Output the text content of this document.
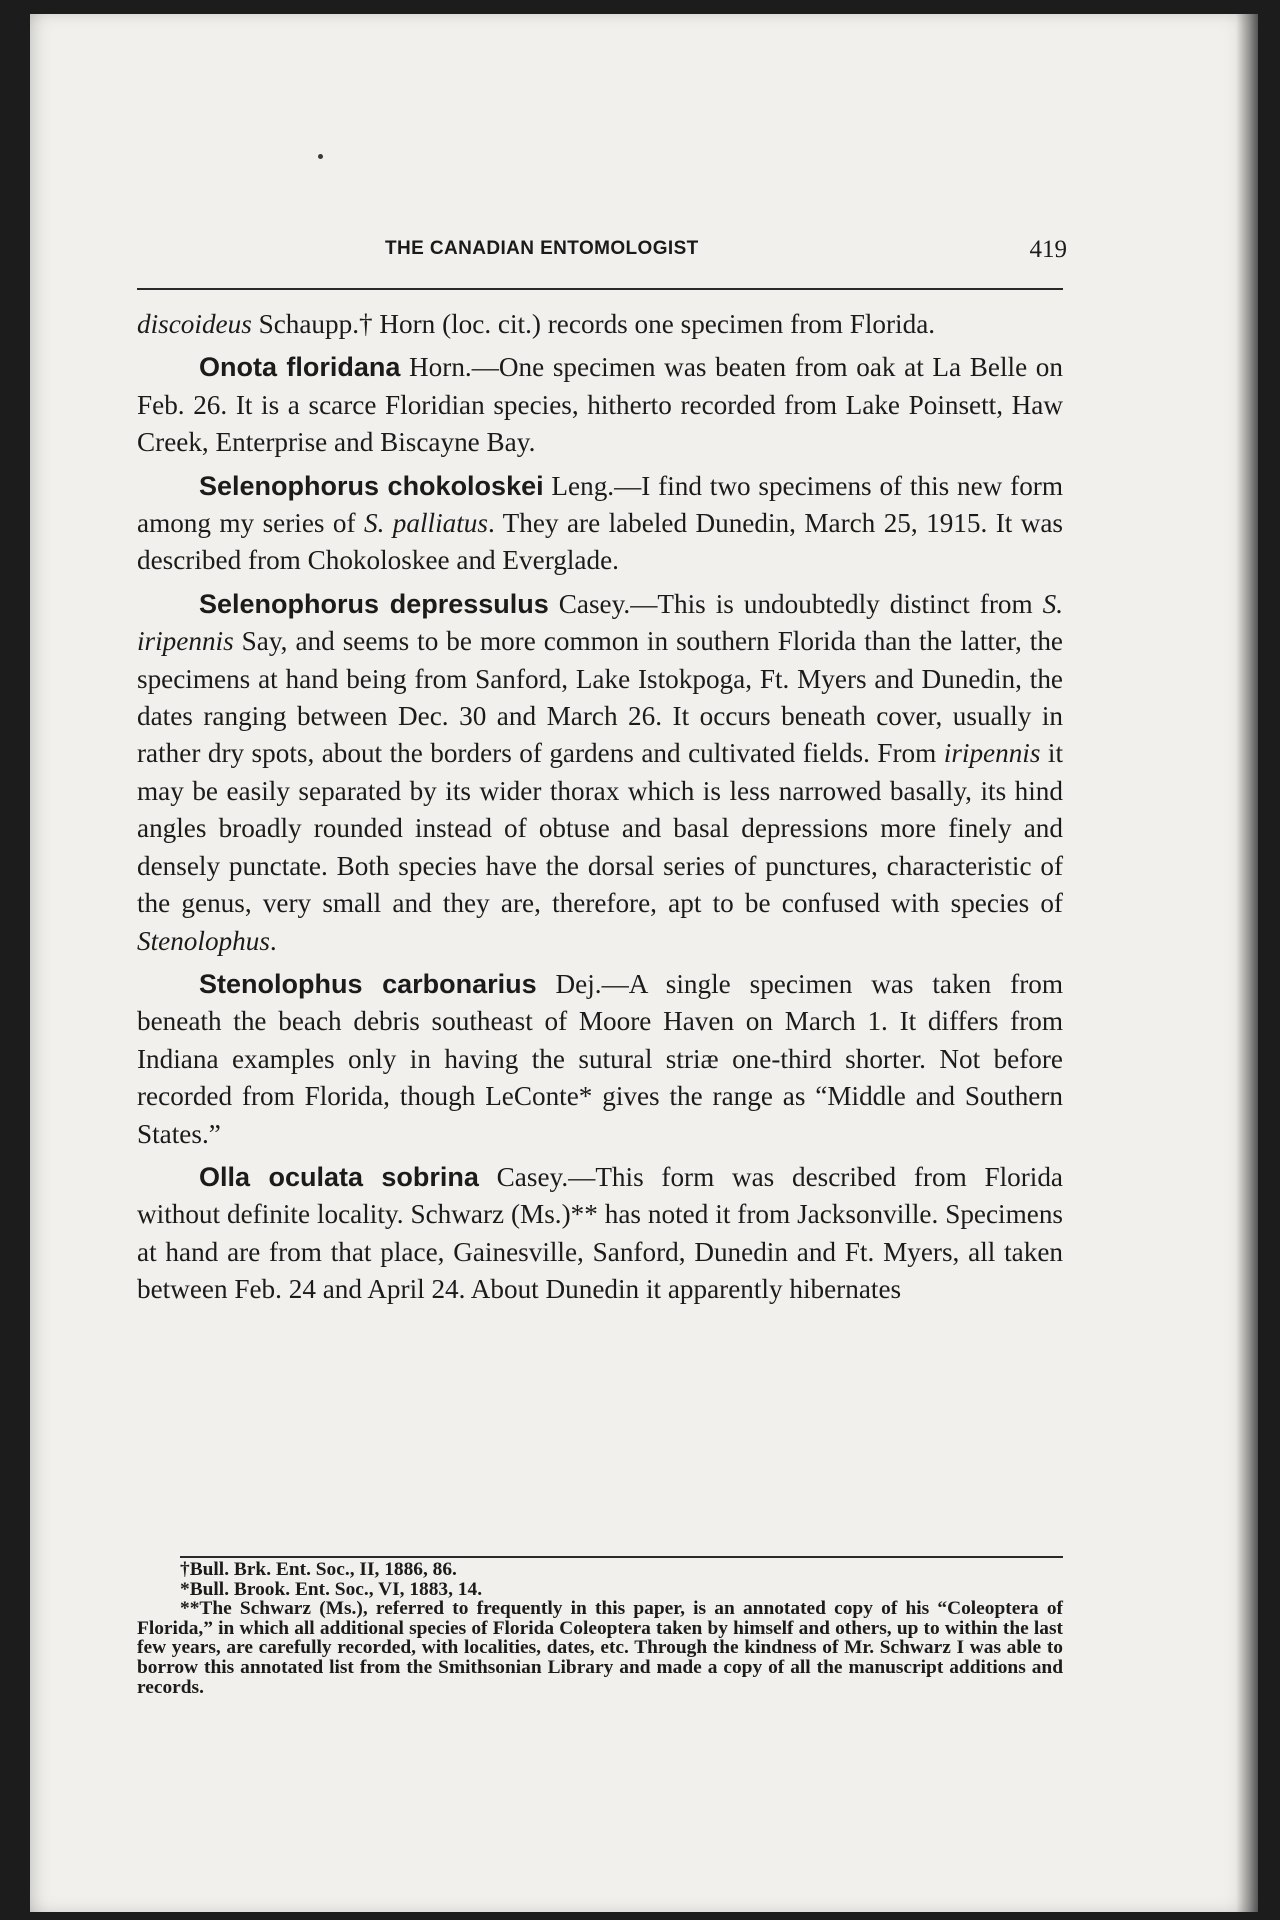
THE CANADIAN ENTOMOLOGIST	419

discoideus Schaupp.† Horn (loc. cit.) records one specimen from Florida.

Onota floridana Horn.—One specimen was beaten from oak at La Belle on Feb. 26. It is a scarce Floridian species, hitherto recorded from Lake Poinsett, Haw Creek, Enterprise and Biscayne Bay.

Selenophorus chokoloskei Leng.—I find two specimens of this new form among my series of S. palliatus. They are labeled Dunedin, March 25, 1915. It was described from Chokoloskee and Everglade.

Selenophorus depressulus Casey.—This is undoubtedly distinct from S. iripennis Say, and seems to be more common in southern Florida than the latter, the specimens at hand being from Sanford, Lake Istokpoga, Ft. Myers and Dunedin, the dates ranging between Dec. 30 and March 26. It occurs beneath cover, usually in rather dry spots, about the borders of gardens and cultivated fields. From iripennis it may be easily separated by its wider thorax which is less narrowed basally, its hind angles broadly rounded instead of obtuse and basal depressions more finely and densely punctate. Both species have the dorsal series of punctures, characteristic of the genus, very small and they are, therefore, apt to be confused with species of Stenolophus.

Stenolophus carbonarius Dej.—A single specimen was taken from beneath the beach debris southeast of Moore Haven on March 1. It differs from Indiana examples only in having the sutural striæ one-third shorter. Not before recorded from Florida, though LeConte* gives the range as “Middle and Southern States.”

Olla oculata sobrina Casey.—This form was described from Florida without definite locality. Schwarz (Ms.)** has noted it from Jacksonville. Specimens at hand are from that place, Gainesville, Sanford, Dunedin and Ft. Myers, all taken between Feb. 24 and April 24. About Dunedin it apparently hibernates

†Bull. Brk. Ent. Soc., II, 1886, 86.

*Bull. Brook. Ent. Soc., VI, 1883, 14.

**The Schwarz (Ms.), referred to frequently in this paper, is an annotated copy of his “Coleoptera of Florida,” in which all additional species of Florida Coleoptera taken by himself and others, up to within the last few years, are carefully recorded, with localities, dates, etc. Through the kindness of Mr. Schwarz I was able to borrow this annotated list from the Smithsonian Library and made a copy of all the manuscript additions and records.
